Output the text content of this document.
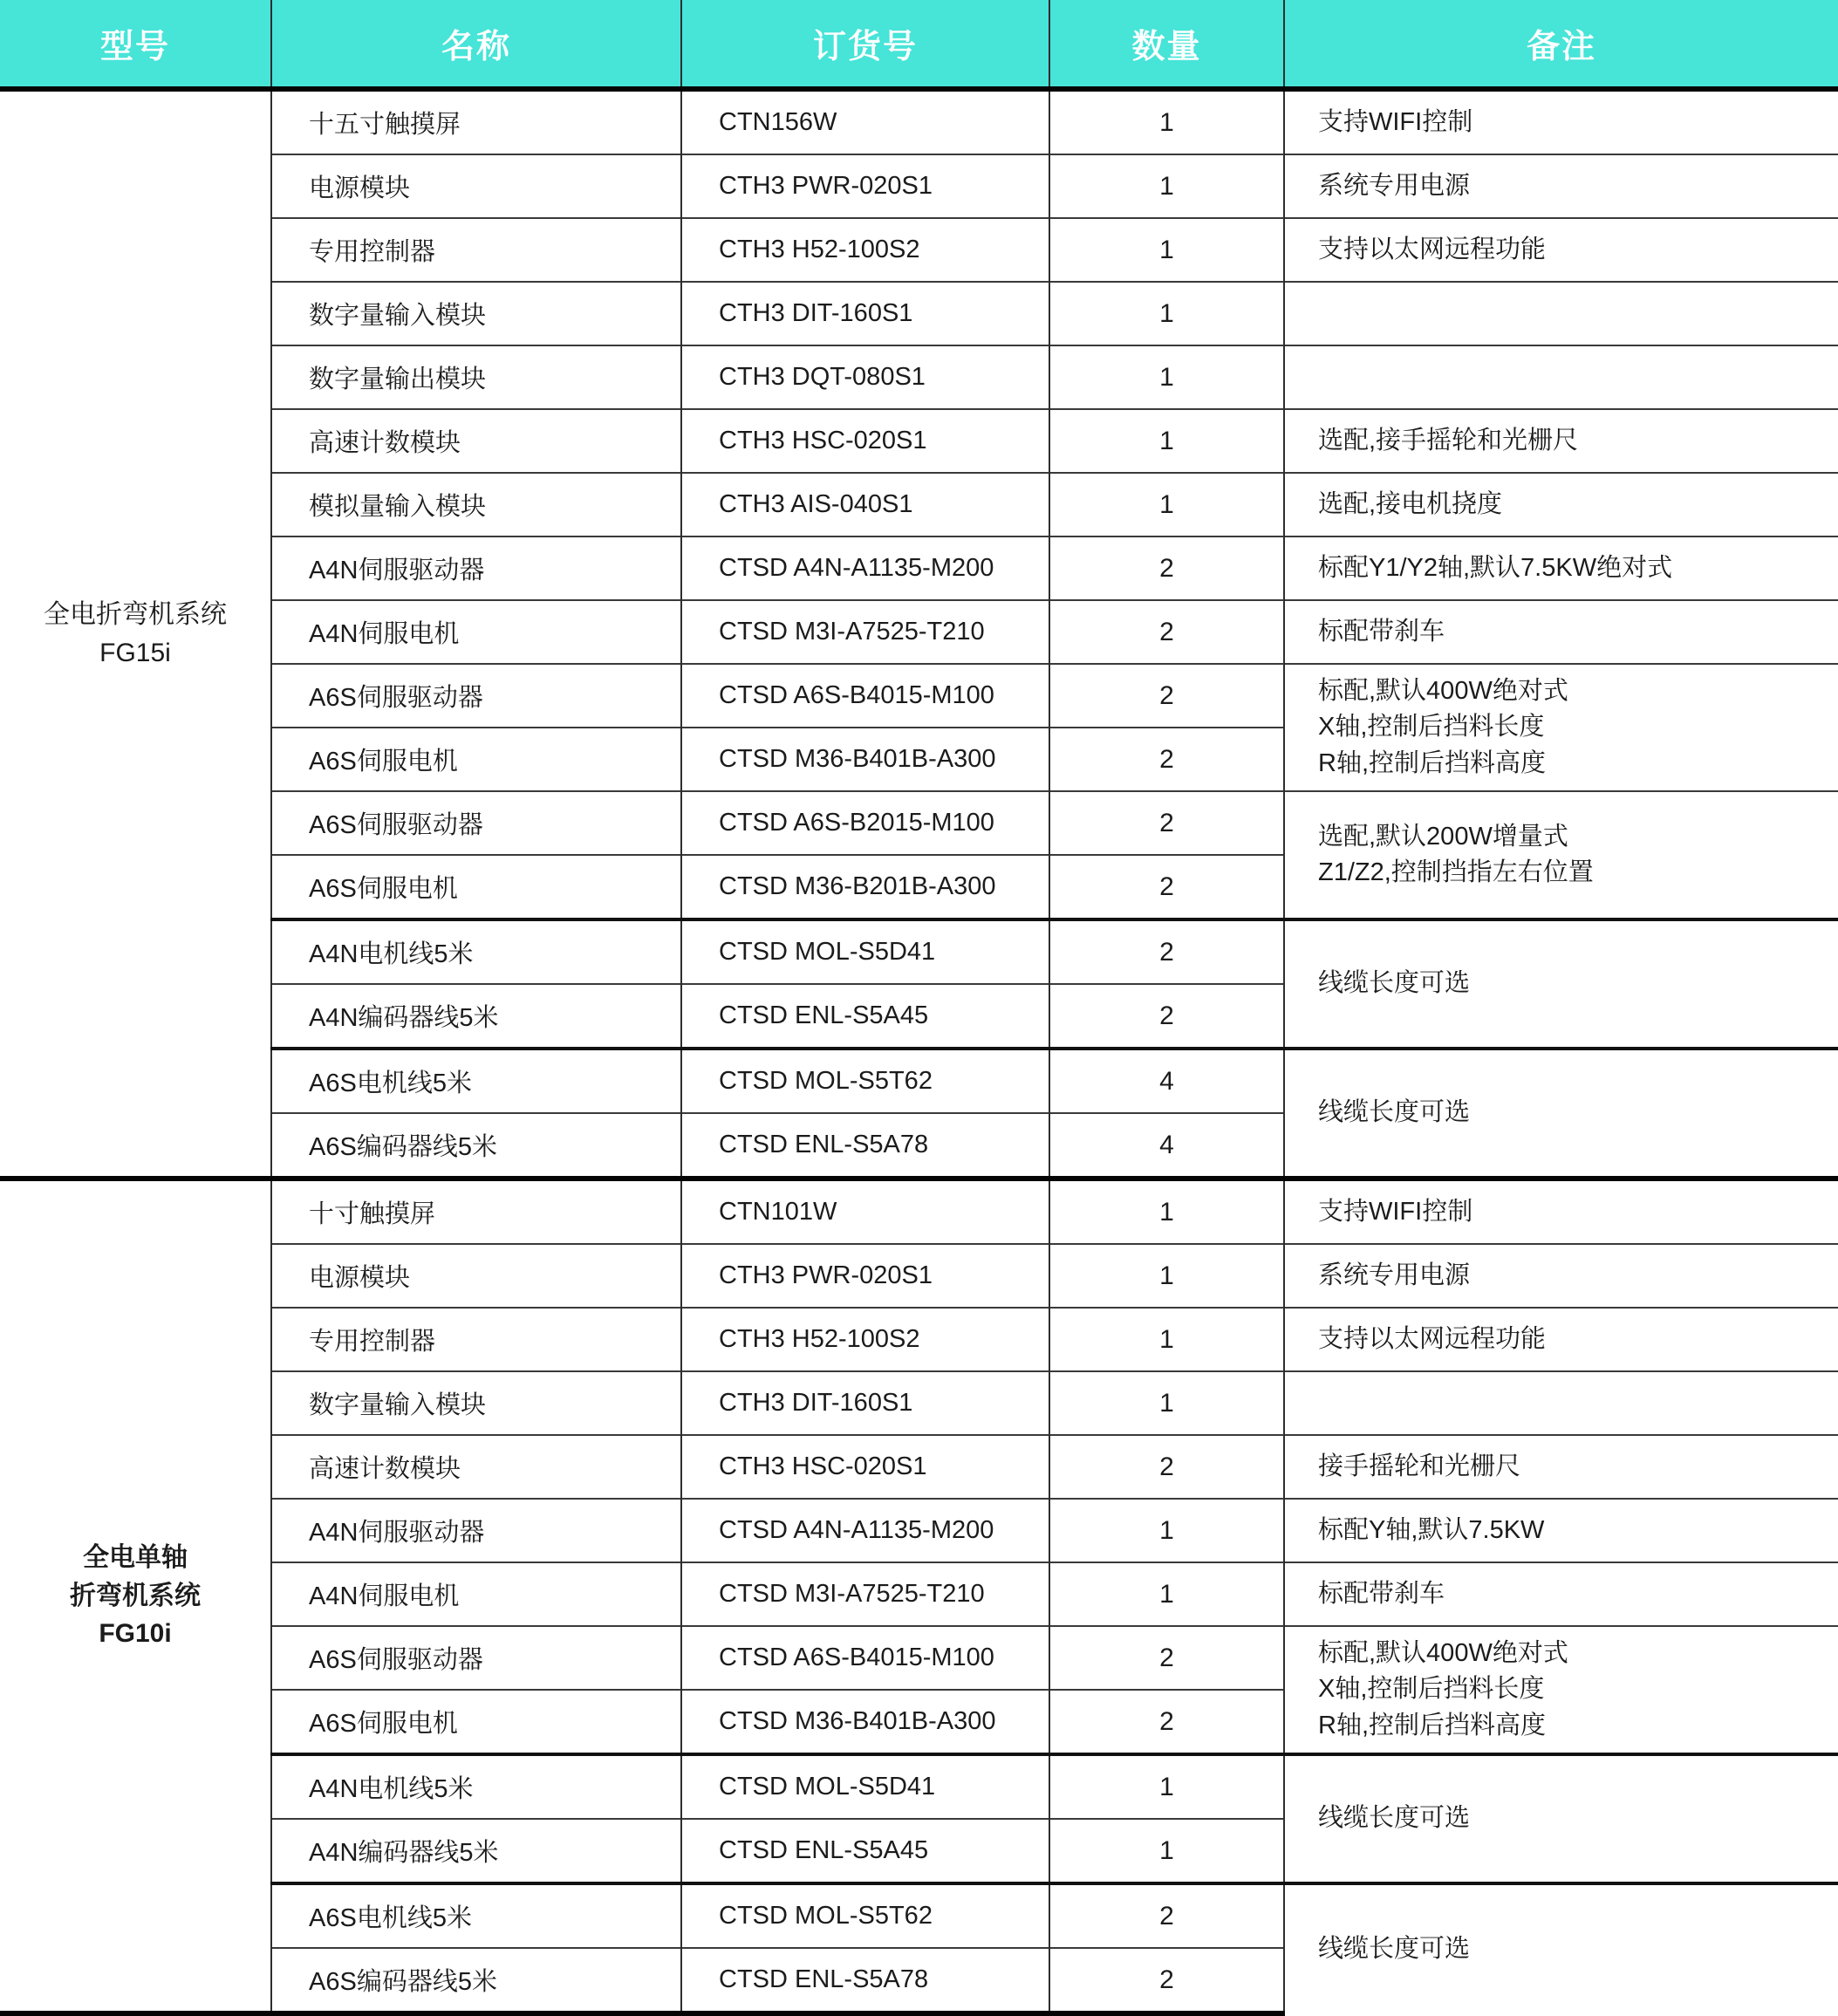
型号	名称	订货号	数量	备注

全电折弯机系统
FG15i	十五寸触摸屏	CTN156W	1	支持WIFI控制

	电源模块	CTH3 PWR-020S1	1	系统专用电源

	专用控制器	CTH3 H52-100S2	1	支持以太网远程功能

	数字量输入模块	CTH3 DIT-160S1	1	
	数字量输出模块	CTH3 DQT-080S1	1	
	高速计数模块	CTH3 HSC-020S1	1	选配,接手摇轮和光栅尺

	模拟量输入模块	CTH3 AIS-040S1	1	选配,接电机挠度

	A4N伺服驱动器	CTSD A4N-A1135-M200	2	标配Y1/Y2轴,默认7.5KW绝对式

	A4N伺服电机	CTSD M3I-A7525-T210	2	标配带刹车

	A6S伺服驱动器	CTSD A6S-B4015-M100	2	标配,默认400W绝对式
X轴,控制后挡料长度
R轴,控制后挡料高度

	A6S伺服电机	CTSD M36-B401B-A300	2	
	A6S伺服驱动器	CTSD A6S-B2015-M100	2	选配,默认200W增量式
Z1/Z2,控制挡指左右位置

	A6S伺服电机	CTSD M36-B201B-A300	2	
	A4N电机线5米	CTSD MOL-S5D41	2	线缆长度可选

	A4N编码器线5米	CTSD ENL-S5A45	2	
	A6S电机线5米	CTSD MOL-S5T62	4	线缆长度可选

	A6S编码器线5米	CTSD ENL-S5A78	4	

全电单轴
折弯机系统
FG10i	十寸触摸屏	CTN101W	1	支持WIFI控制

	电源模块	CTH3 PWR-020S1	1	系统专用电源

	专用控制器	CTH3 H52-100S2	1	支持以太网远程功能

	数字量输入模块	CTH3 DIT-160S1	1	
	高速计数模块	CTH3 HSC-020S1	2	接手摇轮和光栅尺

	A4N伺服驱动器	CTSD A4N-A1135-M200	1	标配Y轴,默认7.5KW

	A4N伺服电机	CTSD M3I-A7525-T210	1	标配带刹车

	A6S伺服驱动器	CTSD A6S-B4015-M100	2	标配,默认400W绝对式
X轴,控制后挡料长度
R轴,控制后挡料高度

	A6S伺服电机	CTSD M36-B401B-A300	2	
	A4N电机线5米	CTSD MOL-S5D41	1	线缆长度可选

	A4N编码器线5米	CTSD ENL-S5A45	1	
	A6S电机线5米	CTSD MOL-S5T62	2	线缆长度可选

	A6S编码器线5米	CTSD ENL-S5A78	2	
